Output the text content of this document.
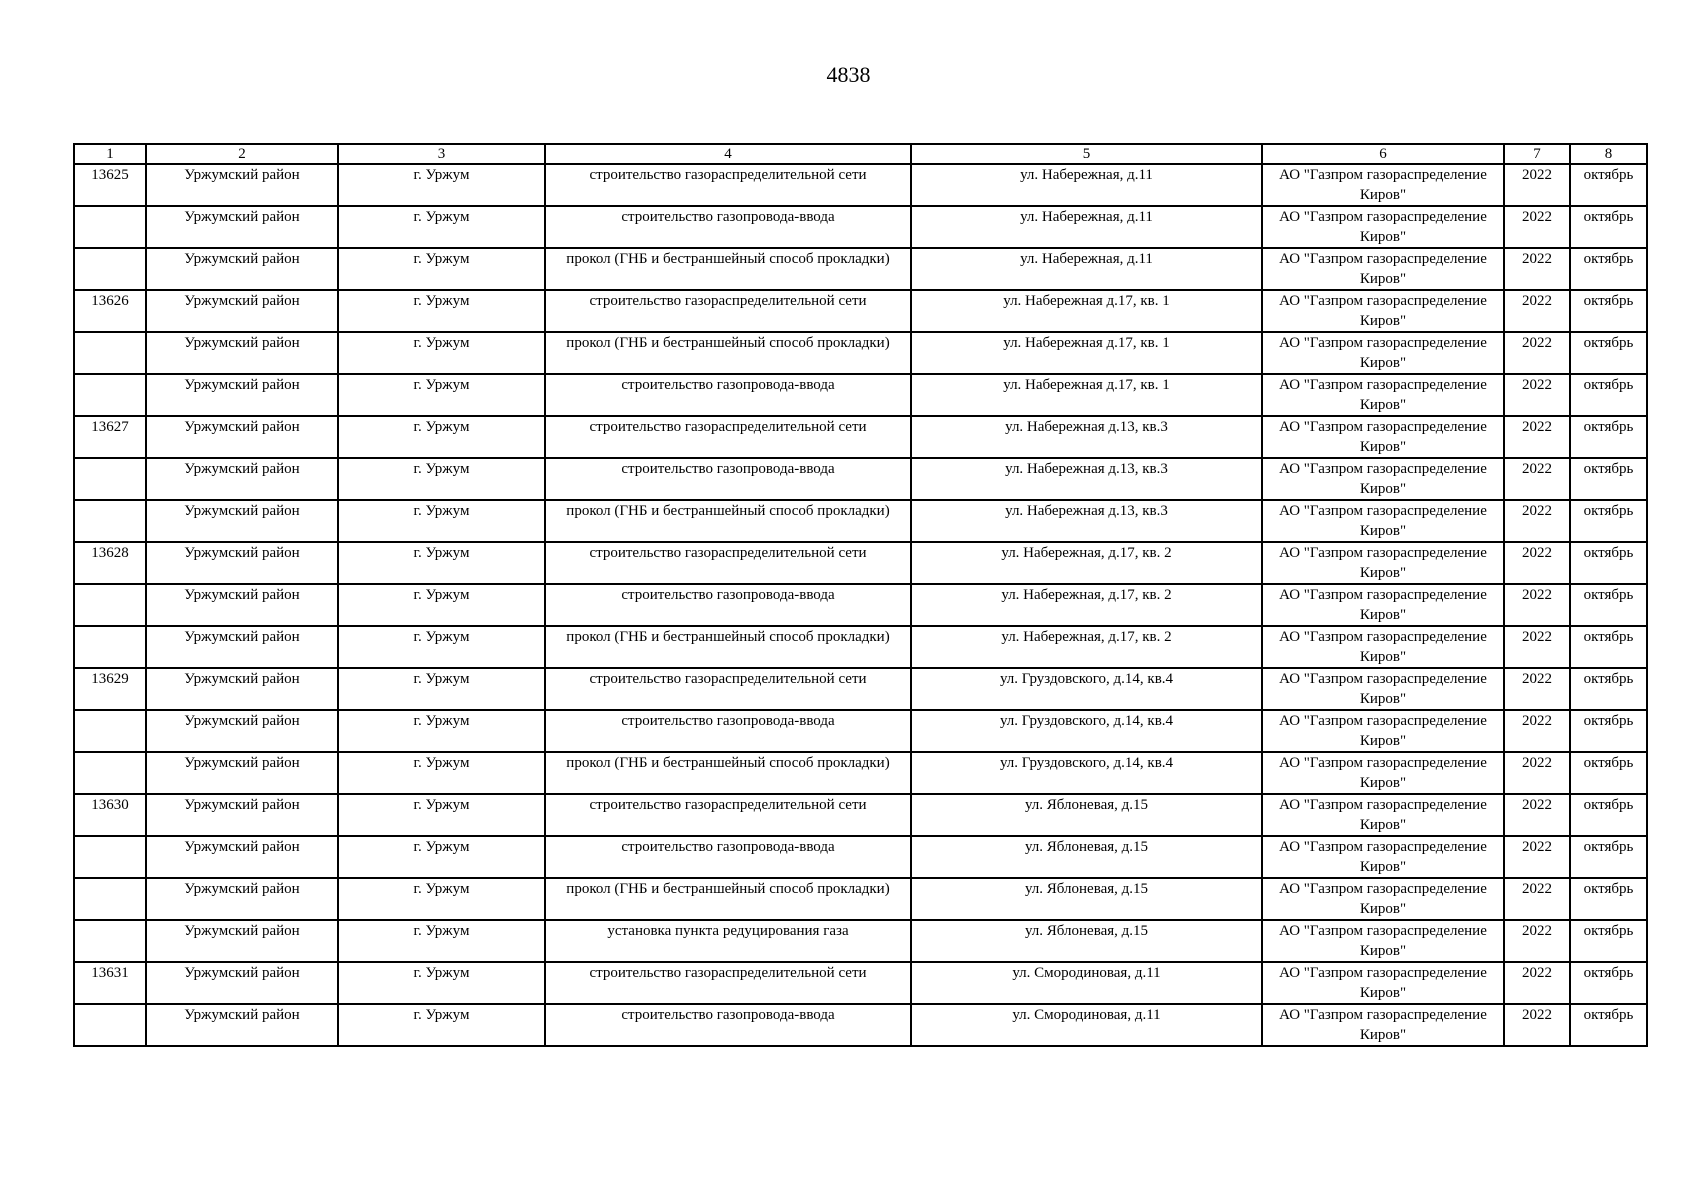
4838
1	2	3	4	5	6	7	8
13625	Уржумский район	г. Уржум	строительство газораспределительной сети	ул. Набережная, д.11	АО "Газпром газораспределение Киров"	2022	октябрь
	Уржумский район	г. Уржум	строительство газопровода-ввода	ул. Набережная, д.11	АО "Газпром газораспределение Киров"	2022	октябрь
	Уржумский район	г. Уржум	прокол (ГНБ и бестраншейный способ прокладки)	ул. Набережная, д.11	АО "Газпром газораспределение Киров"	2022	октябрь
13626	Уржумский район	г. Уржум	строительство газораспределительной сети	ул. Набережная д.17, кв. 1	АО "Газпром газораспределение Киров"	2022	октябрь
	Уржумский район	г. Уржум	прокол (ГНБ и бестраншейный способ прокладки)	ул. Набережная д.17, кв. 1	АО "Газпром газораспределение Киров"	2022	октябрь
	Уржумский район	г. Уржум	строительство газопровода-ввода	ул. Набережная д.17, кв. 1	АО "Газпром газораспределение Киров"	2022	октябрь
13627	Уржумский район	г. Уржум	строительство газораспределительной сети	ул. Набережная д.13, кв.3	АО "Газпром газораспределение Киров"	2022	октябрь
	Уржумский район	г. Уржум	строительство газопровода-ввода	ул. Набережная д.13, кв.3	АО "Газпром газораспределение Киров"	2022	октябрь
	Уржумский район	г. Уржум	прокол (ГНБ и бестраншейный способ прокладки)	ул. Набережная д.13, кв.3	АО "Газпром газораспределение Киров"	2022	октябрь
13628	Уржумский район	г. Уржум	строительство газораспределительной сети	ул. Набережная, д.17, кв. 2	АО "Газпром газораспределение Киров"	2022	октябрь
	Уржумский район	г. Уржум	строительство газопровода-ввода	ул. Набережная, д.17, кв. 2	АО "Газпром газораспределение Киров"	2022	октябрь
	Уржумский район	г. Уржум	прокол (ГНБ и бестраншейный способ прокладки)	ул. Набережная, д.17, кв. 2	АО "Газпром газораспределение Киров"	2022	октябрь
13629	Уржумский район	г. Уржум	строительство газораспределительной сети	ул. Груздовского, д.14, кв.4	АО "Газпром газораспределение Киров"	2022	октябрь
	Уржумский район	г. Уржум	строительство газопровода-ввода	ул. Груздовского, д.14, кв.4	АО "Газпром газораспределение Киров"	2022	октябрь
	Уржумский район	г. Уржум	прокол (ГНБ и бестраншейный способ прокладки)	ул. Груздовского, д.14, кв.4	АО "Газпром газораспределение Киров"	2022	октябрь
13630	Уржумский район	г. Уржум	строительство газораспределительной сети	ул. Яблоневая, д.15	АО "Газпром газораспределение Киров"	2022	октябрь
	Уржумский район	г. Уржум	строительство газопровода-ввода	ул. Яблоневая, д.15	АО "Газпром газораспределение Киров"	2022	октябрь
	Уржумский район	г. Уржум	прокол (ГНБ и бестраншейный способ прокладки)	ул. Яблоневая, д.15	АО "Газпром газораспределение Киров"	2022	октябрь
	Уржумский район	г. Уржум	установка пункта редуцирования газа	ул. Яблоневая, д.15	АО "Газпром газораспределение Киров"	2022	октябрь
13631	Уржумский район	г. Уржум	строительство газораспределительной сети	ул. Смородиновая, д.11	АО "Газпром газораспределение Киров"	2022	октябрь
	Уржумский район	г. Уржум	строительство газопровода-ввода	ул. Смородиновая, д.11	АО "Газпром газораспределение Киров"	2022	октябрь
